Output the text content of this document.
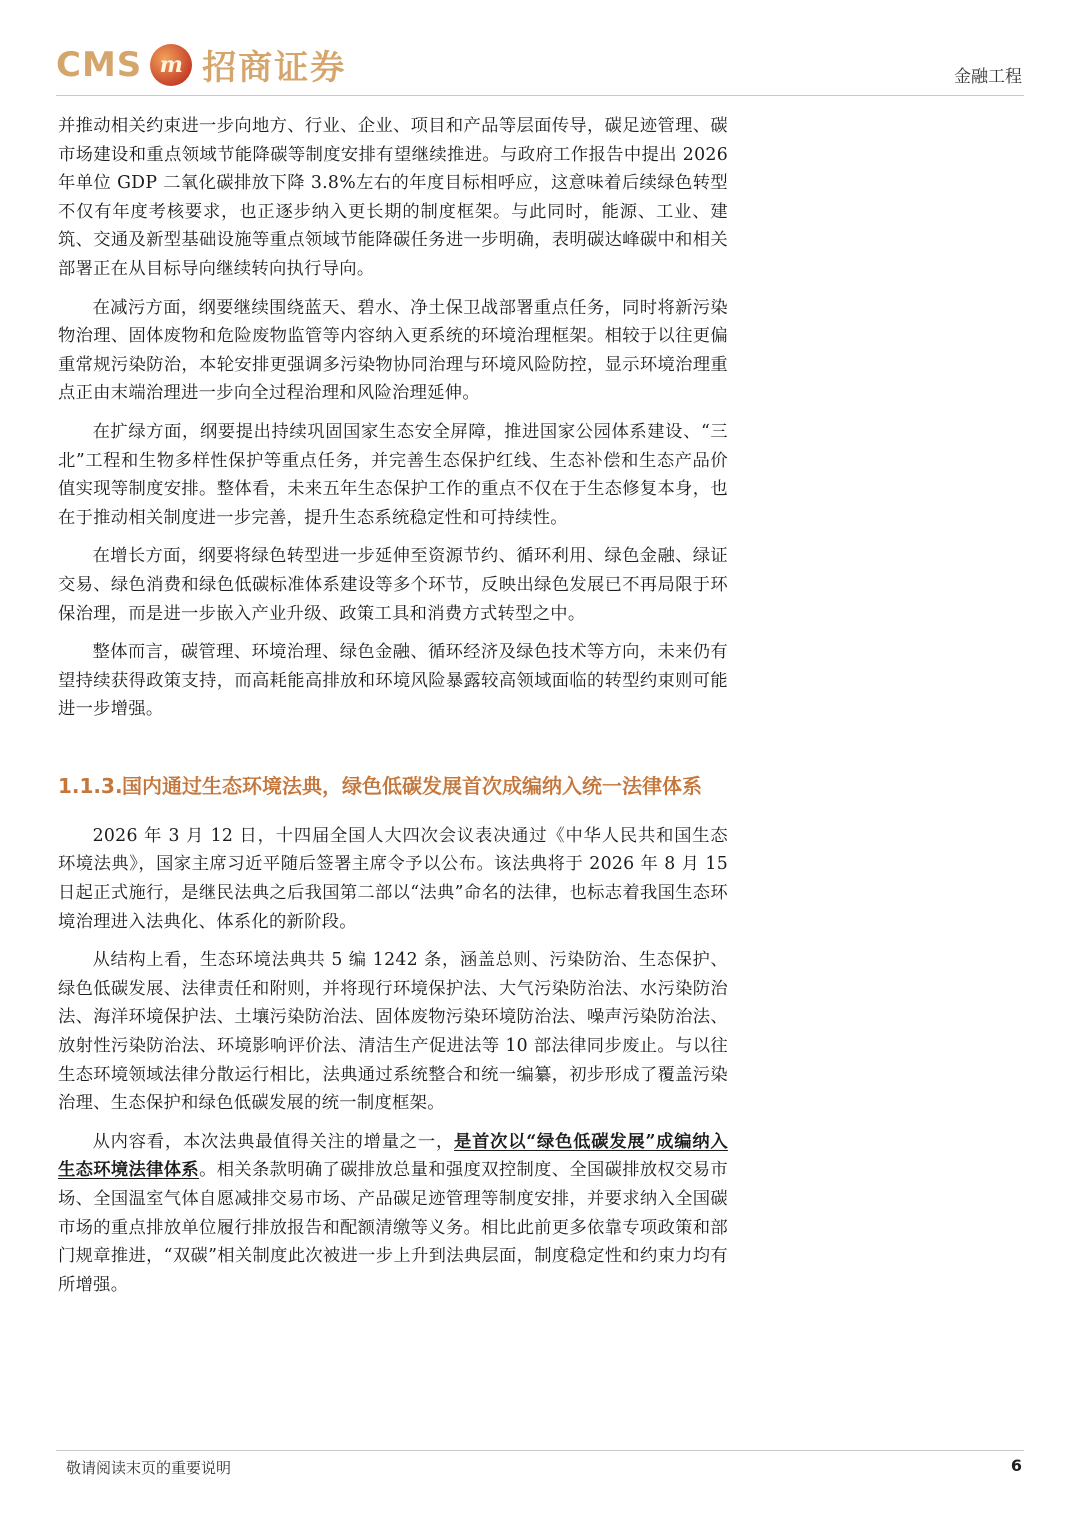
CMS m 招商证券	金融工程

并推动相关约束进一步向地方、行业、企业、项目和产品等层面传导，碳足迹管理、碳市场建设和重点领域节能降碳等制度安排有望继续推进。与政府工作报告中提出 2026 年单位 GDP 二氧化碳排放下降 3.8%左右的年度目标相呼应，这意味着后续绿色转型不仅有年度考核要求，也正逐步纳入更长期的制度框架。与此同时，能源、工业、建筑、交通及新型基础设施等重点领域节能降碳任务进一步明确，表明碳达峰碳中和相关部署正在从目标导向继续转向执行导向。

在减污方面，纲要继续围绕蓝天、碧水、净土保卫战部署重点任务，同时将新污染物治理、固体废物和危险废物监管等内容纳入更系统的环境治理框架。相较于以往更偏重常规污染防治，本轮安排更强调多污染物协同治理与环境风险防控，显示环境治理重点正由末端治理进一步向全过程治理和风险治理延伸。

在扩绿方面，纲要提出持续巩固国家生态安全屏障，推进国家公园体系建设、“三北”工程和生物多样性保护等重点任务，并完善生态保护红线、生态补偿和生态产品价值实现等制度安排。整体看，未来五年生态保护工作的重点不仅在于生态修复本身，也在于推动相关制度进一步完善，提升生态系统稳定性和可持续性。

在增长方面，纲要将绿色转型进一步延伸至资源节约、循环利用、绿色金融、绿证交易、绿色消费和绿色低碳标准体系建设等多个环节，反映出绿色发展已不再局限于环保治理，而是进一步嵌入产业升级、政策工具和消费方式转型之中。

整体而言，碳管理、环境治理、绿色金融、循环经济及绿色技术等方向，未来仍有望持续获得政策支持，而高耗能高排放和环境风险暴露较高领域面临的转型约束则可能进一步增强。

1.1.3. 国内通过生态环境法典，绿色低碳发展首次成编纳入统一法律体系

2026 年 3 月 12 日，十四届全国人大四次会议表决通过《中华人民共和国生态环境法典》，国家主席习近平随后签署主席令予以公布。该法典将于 2026 年 8 月 15 日起正式施行，是继民法典之后我国第二部以“法典”命名的法律，也标志着我国生态环境治理进入法典化、体系化的新阶段。

从结构上看，生态环境法典共 5 编 1242 条，涵盖总则、污染防治、生态保护、绿色低碳发展、法律责任和附则，并将现行环境保护法、大气污染防治法、水污染防治法、海洋环境保护法、土壤污染防治法、固体废物污染环境防治法、噪声污染防治法、放射性污染防治法、环境影响评价法、清洁生产促进法等 10 部法律同步废止。与以往生态环境领域法律分散运行相比，法典通过系统整合和统一编纂，初步形成了覆盖污染治理、生态保护和绿色低碳发展的统一制度框架。

从内容看，本次法典最值得关注的增量之一，是首次以“绿色低碳发展”成编纳入生态环境法律体系。相关条款明确了碳排放总量和强度双控制度、全国碳排放权交易市场、全国温室气体自愿减排交易市场、产品碳足迹管理等制度安排，并要求纳入全国碳市场的重点排放单位履行排放报告和配额清缴等义务。相比此前更多依靠专项政策和部门规章推进，“双碳”相关制度此次被进一步上升到法典层面，制度稳定性和约束力均有所增强。

敬请阅读末页的重要说明	6
